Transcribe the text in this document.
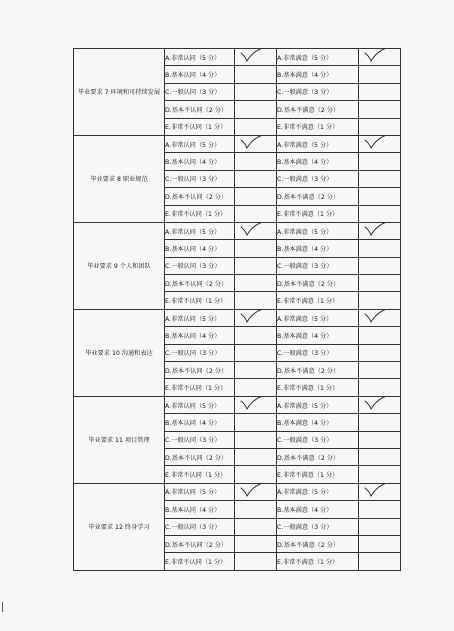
毕业要求 7 环境和可持续发展	A.非常认同（5 分）		A.非常满意（5 分）	

	B.基本认同（4 分）		B.基本满意（4 分）	
	C.一般认同（3 分）		C.一般满意（3 分）	
	D.基本不认同（2 分）		D.基本不满意（2 分）	
	E.非常不认同（1 分）		E.非常不满意（1 分）	
毕业要求 8 职业规范	A.非常认同（5 分）		A.非常满意（5 分）	

	B.基本认同（4 分）		B.基本满意（4 分）	
	C.一般认同（3 分）		C.一般满意（3 分）	
	D.基本不认同（2 分）		D.基本不满意（2 分）	
	E.非常不认同（1 分）		E.非常不满意（1 分）	
毕业要求 9 个人和团队	A.非常认同（5 分）		A.非常满意（5 分）	

	B.基本认同（4 分）		B.基本满意（4 分）	
	C.一般认同（3 分）		C.一般满意（3 分）	
	D.基本不认同（2 分）		D.基本不满意（2 分）	
	E.非常不认同（1 分）		E.非常不满意（1 分）	
毕业要求 10 沟通和表达	A.非常认同（5 分）		A.非常满意（5 分）	

	B.基本认同（4 分）		B.基本满意（4 分）	
	C.一般认同（3 分）		C.一般满意（3 分）	
	D.基本不认同（2 分）		D.基本不满意（2 分）	
	E.非常不认同（1 分）		E.非常不满意（1 分）	
毕业要求 11 项目管理	A.非常认同（5 分）		A.非常满意（5 分）	

	B.基本认同（4 分）		B.基本满意（4 分）	
	C.一般认同（3 分）		C.一般满意（3 分）	
	D.基本不认同（2 分）		D.基本不满意（2 分）	
	E.非常不认同（1 分）		E.非常不满意（1 分）	
毕业要求 12 终身学习	A.非常认同（5 分）		A.非常满意（5 分）	

	B.基本认同（4 分）		B.基本满意（4 分）	
	C.一般认同（3 分）		C.一般满意（3 分）	
	D.基本不认同（2 分）		D.基本不满意（2 分）	
	E.非常不认同（1 分）		E.非常不满意（1 分）	
